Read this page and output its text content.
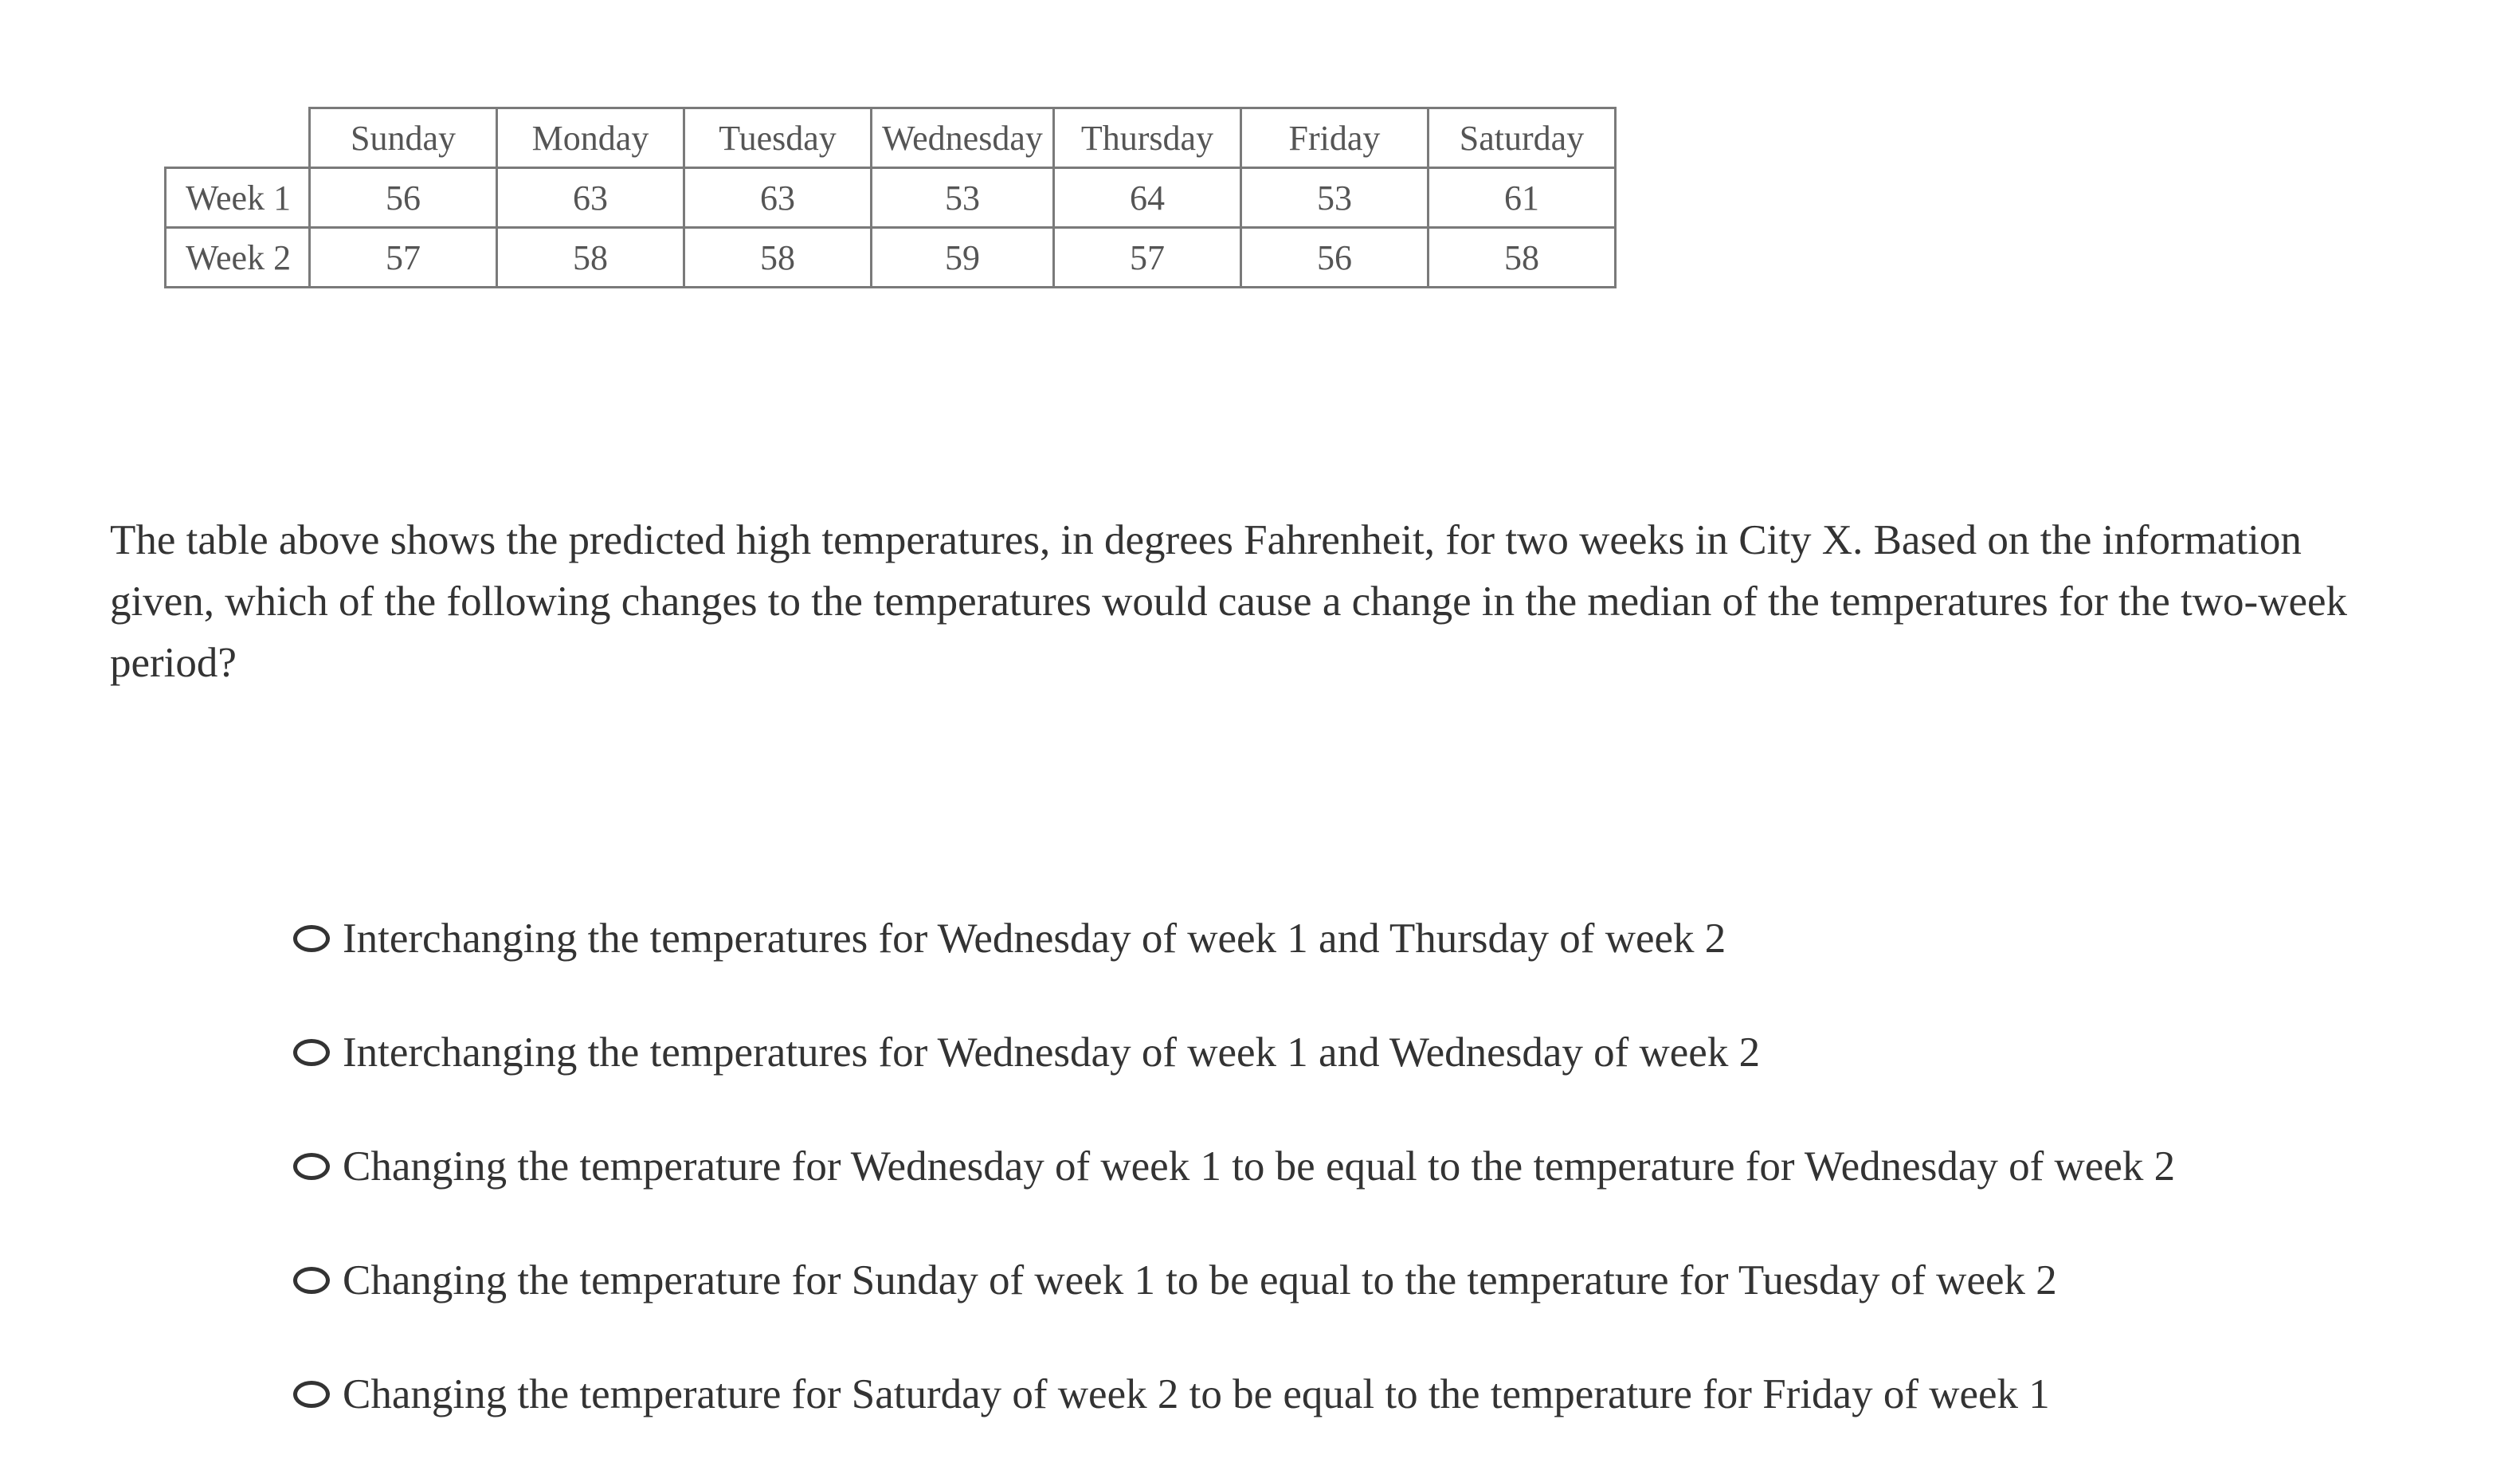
	Sunday	Monday	Tuesday	Wednesday	Thursday	Friday	Saturday
Week 1	56	63	63	53	64	53	61
Week 2	57	58	58	59	57	56	58
The table above shows the predicted high temperatures, in degrees Fahrenheit, for two weeks in City X. Based on the information given, which of the following changes to the temperatures would cause a change in the median of the temperatures for the two-week period?
Interchanging the temperatures for Wednesday of week 1 and Thursday of week 2
Interchanging the temperatures for Wednesday of week 1 and Wednesday of week 2
Changing the temperature for Wednesday of week 1 to be equal to the temperature for Wednesday of week 2
Changing the temperature for Sunday of week 1 to be equal to the temperature for Tuesday of week 2
Changing the temperature for Saturday of week 2 to be equal to the temperature for Friday of week 1
